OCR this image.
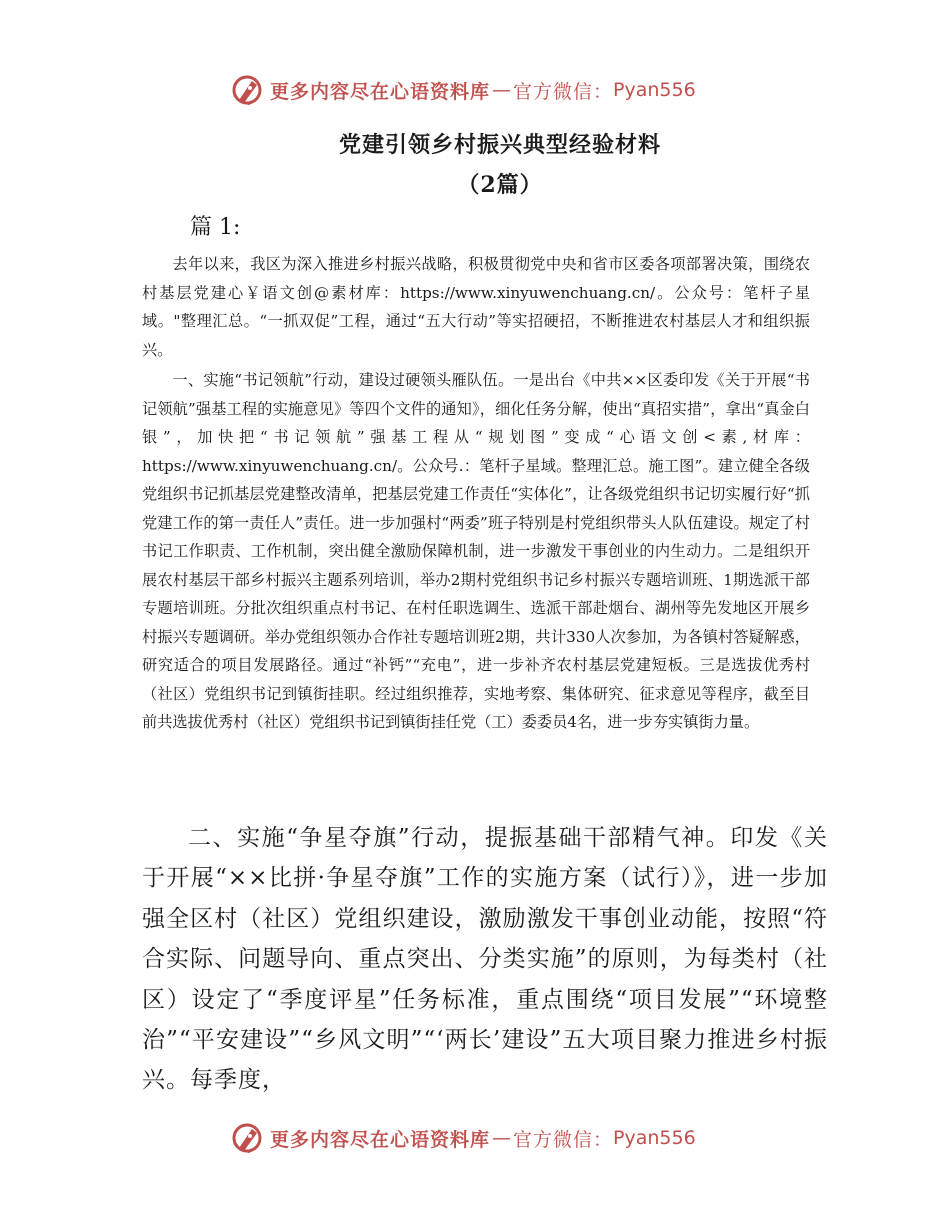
更多内容尽在心语资料库 — 官方微信： Pyan556
党建引领乡村振兴典型经验材料
（2篇）
篇 1:

去年以来，我区为深入推进乡村振兴战略，积极贯彻党中央和省市区委各项部署决策，围绕农村基层党建心￥语文创@素材库：https://www.xinyuwenchuang.cn/。公众号：笔杆子星域。"整理汇总。“一抓双促”工程，通过“五大行动”等实招硬招，不断推进农村基层人才和组织振兴。

一、实施“书记领航”行动，建设过硬领头雁队伍。一是出台《中共××区委印发《关于开展“书记领航”强基工程的实施意见》等四个文件的通知》，细化任务分解，使出“真招实措”，拿出“真金白银”，加快把“书记领航”强基工程从“规划图”变成“心语文创<素,材库：https://www.xinyuwenchuang.cn/。公众号.：笔杆子星域。整理汇总。施工图”。建立健全各级党组织书记抓基层党建整改清单，把基层党建工作责任“实体化”，让各级党组织书记切实履行好“抓党建工作的第一责任人”责任。进一步加强村“两委”班子特别是村党组织带头人队伍建设。规定了村书记工作职责、工作机制，突出健全激励保障机制，进一步激发干事创业的内生动力。二是组织开展农村基层干部乡村振兴主题系列培训，举办2期村党组织书记乡村振兴专题培训班、1期选派干部专题培训班。分批次组织重点村书记、在村任职选调生、选派干部赴烟台、湖州等先发地区开展乡村振兴专题调研。举办党组织领办合作社专题培训班2期，共计330人次参加，为各镇村答疑解惑，研究适合的项目发展路径。通过“补钙”“充电”，进一步补齐农村基层党建短板。三是选拔优秀村（社区）党组织书记到镇街挂职。经过组织推荐，实地考察、集体研究、征求意见等程序，截至目前共选拔优秀村（社区）党组织书记到镇街挂任党（工）委委员4名，进一步夯实镇街力量。

二、实施“争星夺旗”行动，提振基础干部精气神。印发《关于开展“××比拼·争星夺旗”工作的实施方案（试行）》，进一步加强全区村（社区）党组织建设，激励激发干事创业动能，按照“符合实际、问题导向、重点突出、分类实施”的原则，为每类村（社区）设定了“季度评星”任务标准，重点围绕“项目发展”“环境整治”“平安建设”“乡风文明”“‘两长’建设”五大项目聚力推进乡村振兴。每季度，

更多内容尽在心语资料库 — 官方微信： Pyan556
